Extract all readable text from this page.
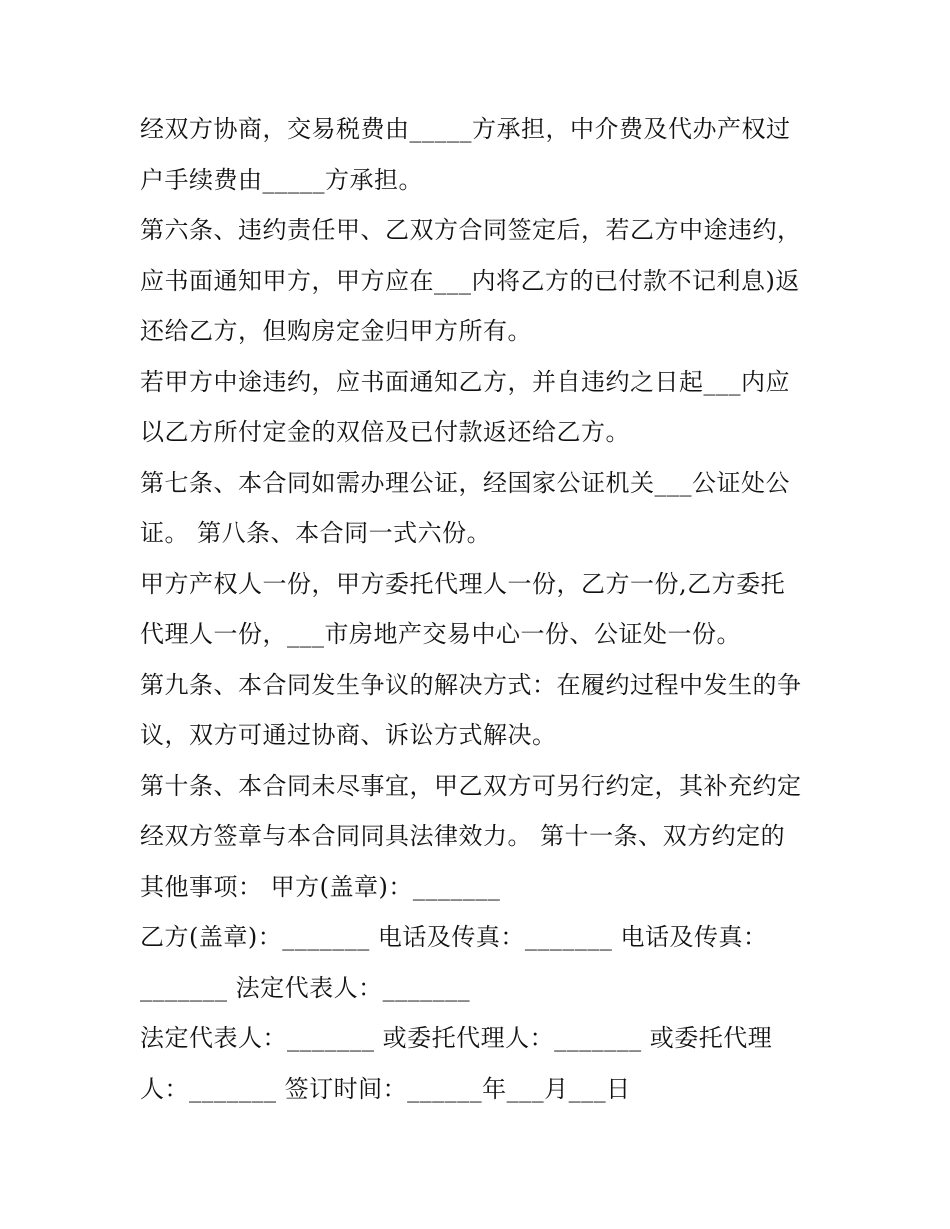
经双方协商，交易税费由_____方承担，中介费及代办产权过
户手续费由_____方承担。
第六条、违约责任甲、乙双方合同签定后，若乙方中途违约，
应书面通知甲方，甲方应在___内将乙方的已付款不记利息)返
还给乙方，但购房定金归甲方所有。
若甲方中途违约，应书面通知乙方，并自违约之日起___内应
以乙方所付定金的双倍及已付款返还给乙方。
第七条、本合同如需办理公证，经国家公证机关___公证处公
证。 第八条、本合同一式六份。
甲方产权人一份，甲方委托代理人一份，乙方一份,乙方委托
代理人一份，___市房地产交易中心一份、公证处一份。
第九条、本合同发生争议的解决方式：在履约过程中发生的争
议，双方可通过协商、诉讼方式解决。
第十条、本合同未尽事宜，甲乙双方可另行约定，其补充约定
经双方签章与本合同同具法律效力。 第十一条、双方约定的
其他事项： 甲方(盖章)：_______
乙方(盖章)：_______ 电话及传真：_______ 电话及传真：
_______ 法定代表人：_______
法定代表人：_______ 或委托代理人：_______ 或委托代理
人：_______ 签订时间：______年___月___日
